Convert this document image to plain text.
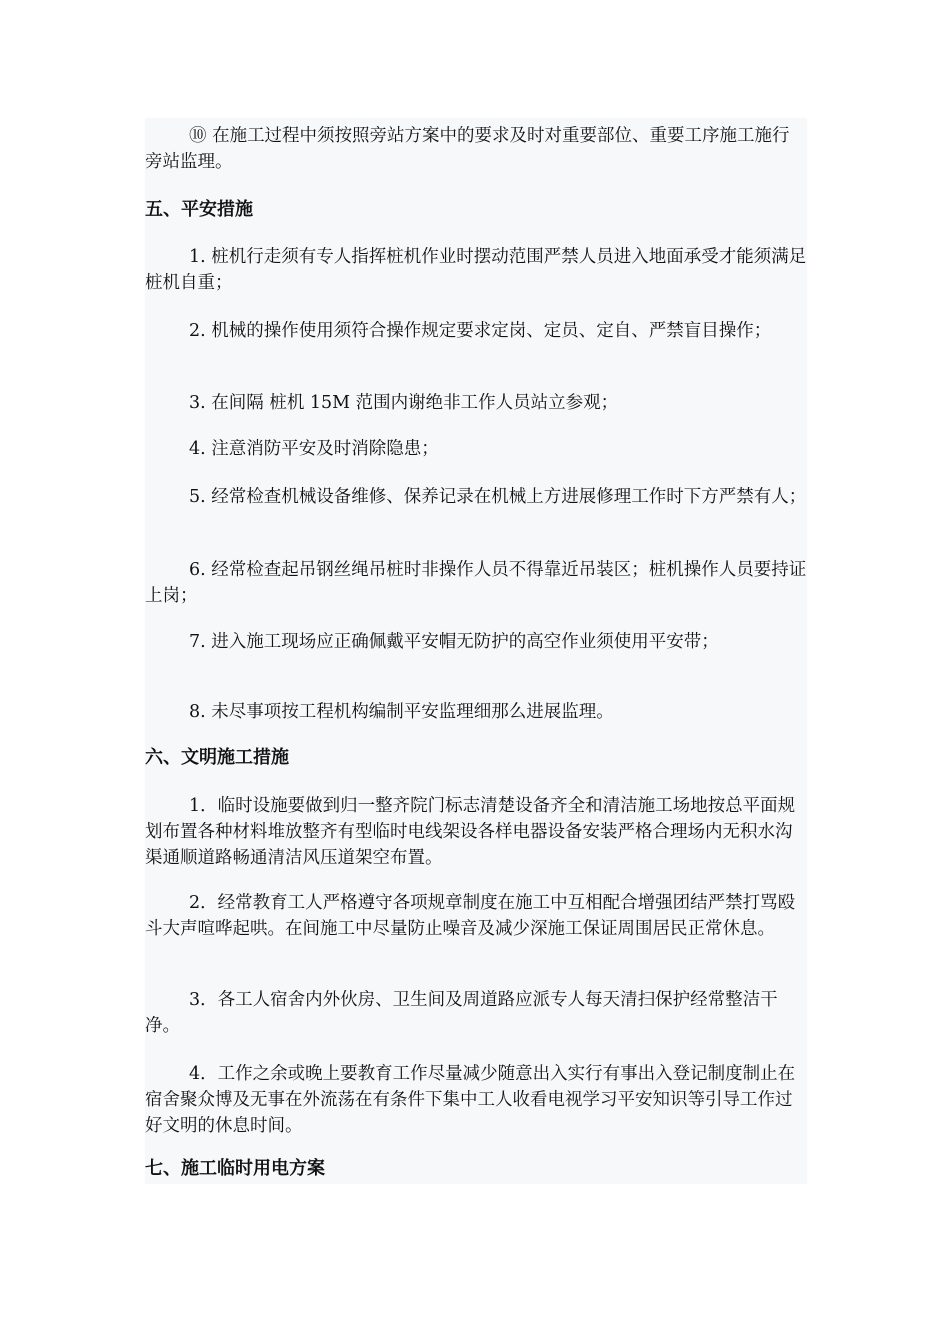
⑩ 在施工过程中须按照旁站方案中的要求及时对重要部位、重要工序施工施行旁站监理。

五、平安措施

1. 桩机行走须有专人指挥桩机作业时摆动范围严禁人员进入地面承受才能须满足桩机自重；

2. 机械的操作使用须符合操作规定要求定岗、定员、定自、严禁盲目操作；

3. 在间隔 桩机 15M 范围内谢绝非工作人员站立参观；

4. 注意消防平安及时消除隐患；

5. 经常检查机械设备维修、保养记录在机械上方进展修理工作时下方严禁有人；

6. 经常检查起吊钢丝绳吊桩时非操作人员不得靠近吊装区；桩机操作人员要持证上岗；

7. 进入施工现场应正确佩戴平安帽无防护的高空作业须使用平安带；

8. 未尽事项按工程机构编制平安监理细那么进展监理。

六、文明施工措施

1．临时设施要做到归一整齐院门标志清楚设备齐全和清洁施工场地按总平面规划布置各种材料堆放整齐有型临时电线架设各样电器设备安装严格合理场内无积水沟渠通顺道路畅通清洁风压道架空布置。

2．经常教育工人严格遵守各项规章制度在施工中互相配合增强团结严禁打骂殴斗大声喧哗起哄。在间施工中尽量防止噪音及减少深施工保证周围居民正常休息。

3．各工人宿舍内外伙房、卫生间及周道路应派专人每天清扫保护经常整洁干净。

4．工作之余或晚上要教育工作尽量减少随意出入实行有事出入登记制度制止在宿舍聚众博及无事在外流荡在有条件下集中工人收看电视学习平安知识等引导工作过好文明的休息时间。

七、施工临时用电方案
